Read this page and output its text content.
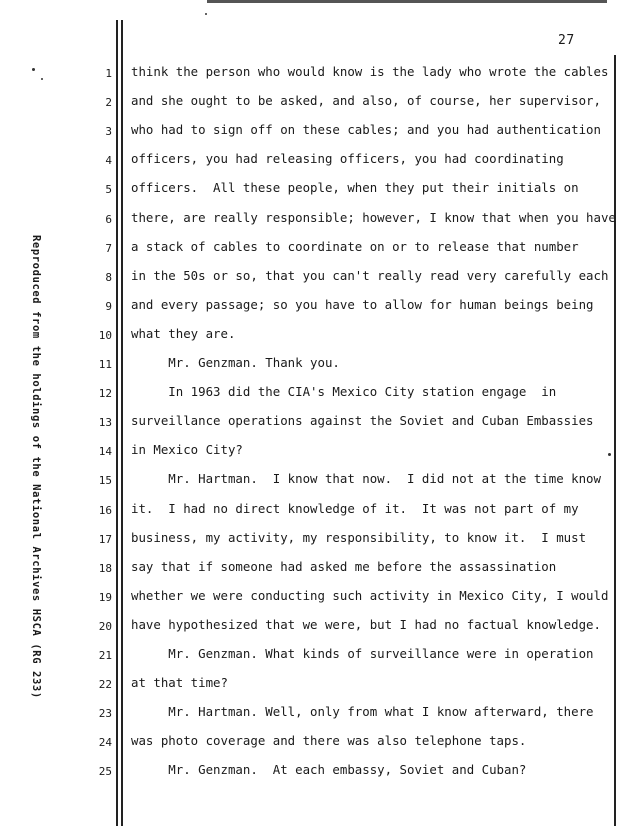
27
Reproduced from the holdings of the National Archives HSCA (RG 233)
1 think the person who would know is the lady who wrote the cables
2 and she ought to be asked, and also, of course, her supervisor,
3 who had to sign off on these cables; and you had authentication
4 officers, you had releasing officers, you had coordinating
5 officers.  All these people, when they put their initials on
6 there, are really responsible; however, I know that when you have
7 a stack of cables to coordinate on or to release that number
8 in the 50s or so, that you can't really read very carefully each
9 and every passage; so you have to allow for human beings being
10 what they are.
11 Mr. Genzman. Thank you.
12 In 1963 did the CIA's Mexico City station engage  in
13 surveillance operations against the Soviet and Cuban Embassies
14 in Mexico City?
15 Mr. Hartman.  I know that now.  I did not at the time know
16 it.  I had no direct knowledge of it.  It was not part of my
17 business, my activity, my responsibility, to know it.  I must
18 say that if someone had asked me before the assassination
19 whether we were conducting such activity in Mexico City, I would
20 have hypothesized that we were, but I had no factual knowledge.
21 Mr. Genzman. What kinds of surveillance were in operation
22 at that time?
23 Mr. Hartman. Well, only from what I know afterward, there
24 was photo coverage and there was also telephone taps.
25 Mr. Genzman.  At each embassy, Soviet and Cuban?
